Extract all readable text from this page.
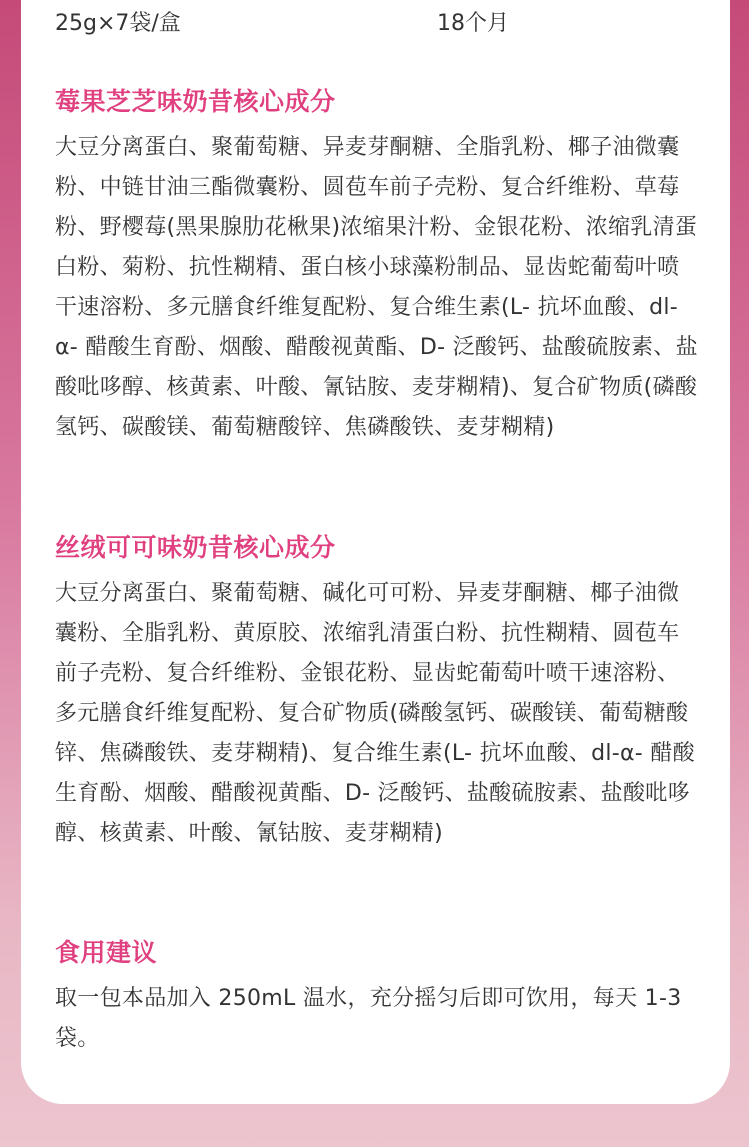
25g×7袋/盒	18个月
莓果芝芝味奶昔核心成分

大豆分离蛋白、聚葡萄糖、异麦芽酮糖、全脂乳粉、椰子油微囊粉、中链甘油三酯微囊粉、圆苞车前子壳粉、复合纤维粉、草莓粉、野樱莓(黑果腺肋花楸果)浓缩果汁粉、金银花粉、浓缩乳清蛋白粉、菊粉、抗性糊精、蛋白核小球藻粉制品、显齿蛇葡萄叶喷干速溶粉、多元膳食纤维复配粉、复合维生素(L- 抗坏血酸、dl-α- 醋酸生育酚、烟酸、醋酸视黄酯、D- 泛酸钙、盐酸硫胺素、盐酸吡哆醇、核黄素、叶酸、氰钴胺、麦芽糊精)、复合矿物质(磷酸氢钙、碳酸镁、葡萄糖酸锌、焦磷酸铁、麦芽糊精)

丝绒可可味奶昔核心成分

大豆分离蛋白、聚葡萄糖、碱化可可粉、异麦芽酮糖、椰子油微囊粉、全脂乳粉、黄原胶、浓缩乳清蛋白粉、抗性糊精、圆苞车前子壳粉、复合纤维粉、金银花粉、显齿蛇葡萄叶喷干速溶粉、多元膳食纤维复配粉、复合矿物质(磷酸氢钙、碳酸镁、葡萄糖酸锌、焦磷酸铁、麦芽糊精)、复合维生素(L- 抗坏血酸、dl-α- 醋酸生育酚、烟酸、醋酸视黄酯、D- 泛酸钙、盐酸硫胺素、盐酸吡哆醇、核黄素、叶酸、氰钴胺、麦芽糊精)

食用建议

取一包本品加入 250mL 温水，充分摇匀后即可饮用，每天 1-3 袋。
